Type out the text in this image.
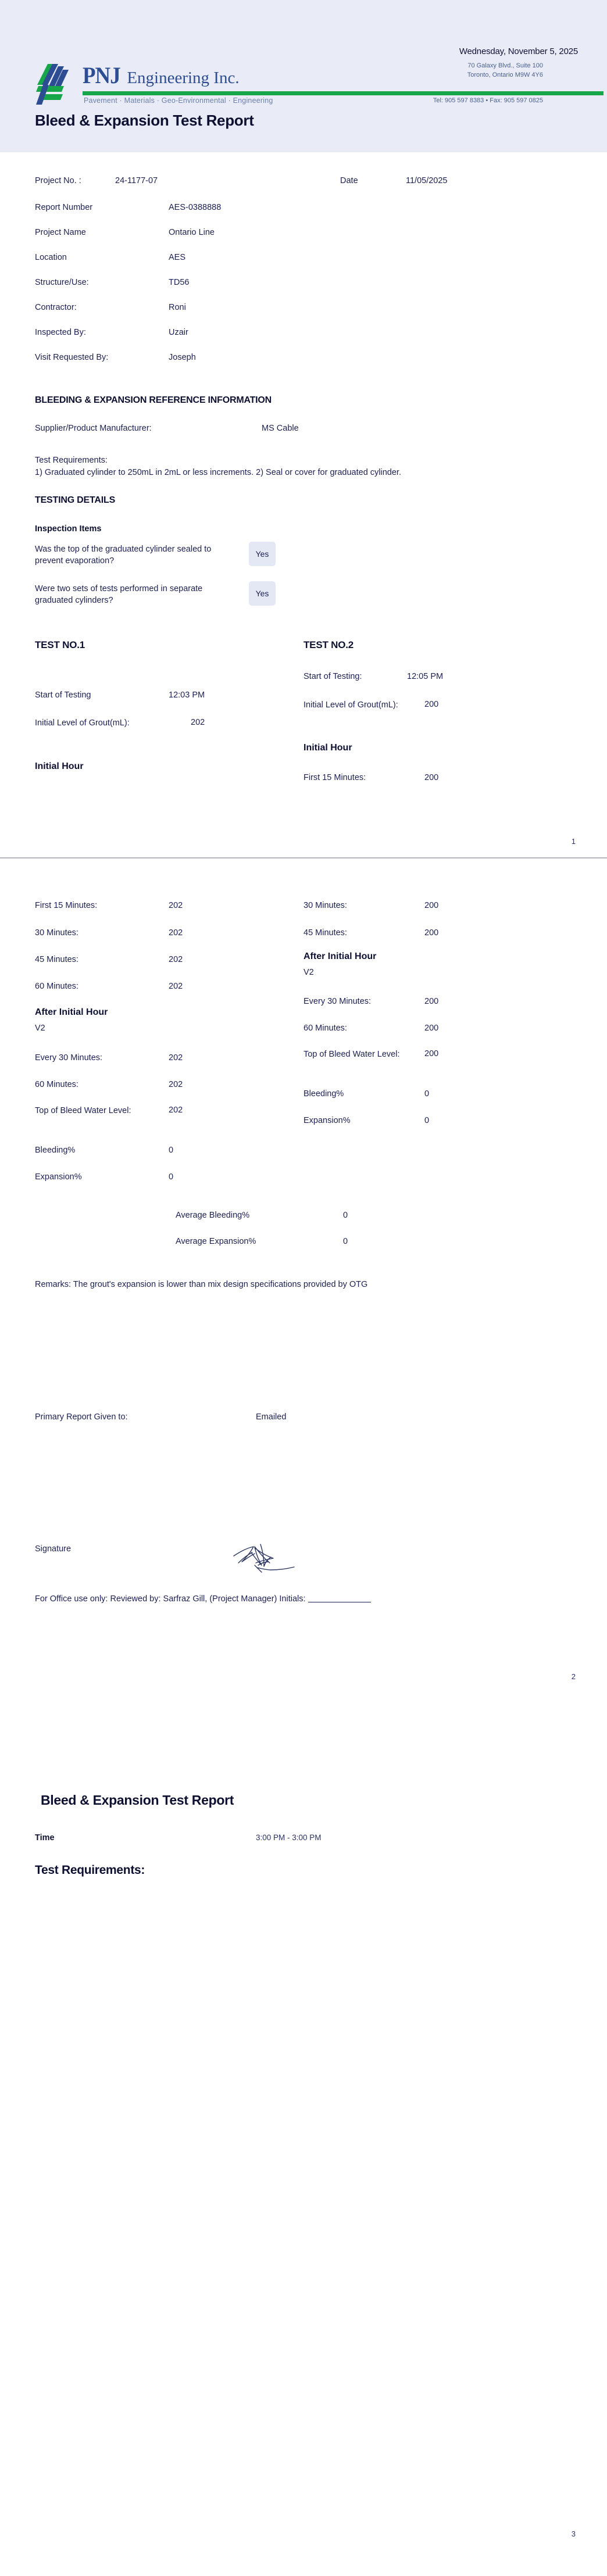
Wednesday, November 5, 2025
PNJ Engineering Inc.
Pavement · Materials · Geo-Environmental · Engineering
70 Galaxy Blvd., Suite 100
Toronto, Ontario M9W 4Y6
Tel: 905 597 8383 • Fax: 905 597 0825
Bleed & Expansion Test Report
Project No. :	24-1177-07	Date	11/05/2025
Report Number	AES-0388888
Project Name	Ontario Line
Location	AES
Structure/Use:	TD56
Contractor:	Roni
Inspected By:	Uzair
Visit Requested By:	Joseph
BLEEDING & EXPANSION REFERENCE INFORMATION
Supplier/Product Manufacturer:	MS Cable
Test Requirements:
1) Graduated cylinder to 250mL in 2mL or less increments. 2) Seal or cover for graduated cylinder.
TESTING DETAILS
Inspection Items
Was the top of the graduated cylinder sealed to prevent evaporation?
Yes
Were two sets of tests performed in separate graduated cylinders?
Yes
TEST NO.1
Start of Testing	12:03 PM
Initial Level of Grout(mL):	202
Initial Hour
TEST NO.2
Start of Testing:	12:05 PM
Initial Level of Grout(mL):	200
Initial Hour
First 15 Minutes:	200
1
First 15 Minutes:	202
30 Minutes:	202
45 Minutes:	202
60 Minutes:	202
After Initial Hour
V2
Every 30 Minutes:	202
60 Minutes:	202
Top of Bleed Water Level:	202
Bleeding%	0
Expansion%	0
30 Minutes:	200
45 Minutes:	200
After Initial Hour
V2
Every 30 Minutes:	200
60 Minutes:	200
Top of Bleed Water Level:	200
Bleeding%	0
Expansion%	0
Average Bleeding%	0
Average Expansion%	0
Remarks: The grout's expansion is lower than mix design specifications provided by OTG
Primary Report Given to:	Emailed
Signature
For Office use only: Reviewed by: Sarfraz Gill, (Project Manager) Initials:
2
Bleed & Expansion Test Report
Time	3:00 PM - 3:00 PM
Test Requirements:
3
